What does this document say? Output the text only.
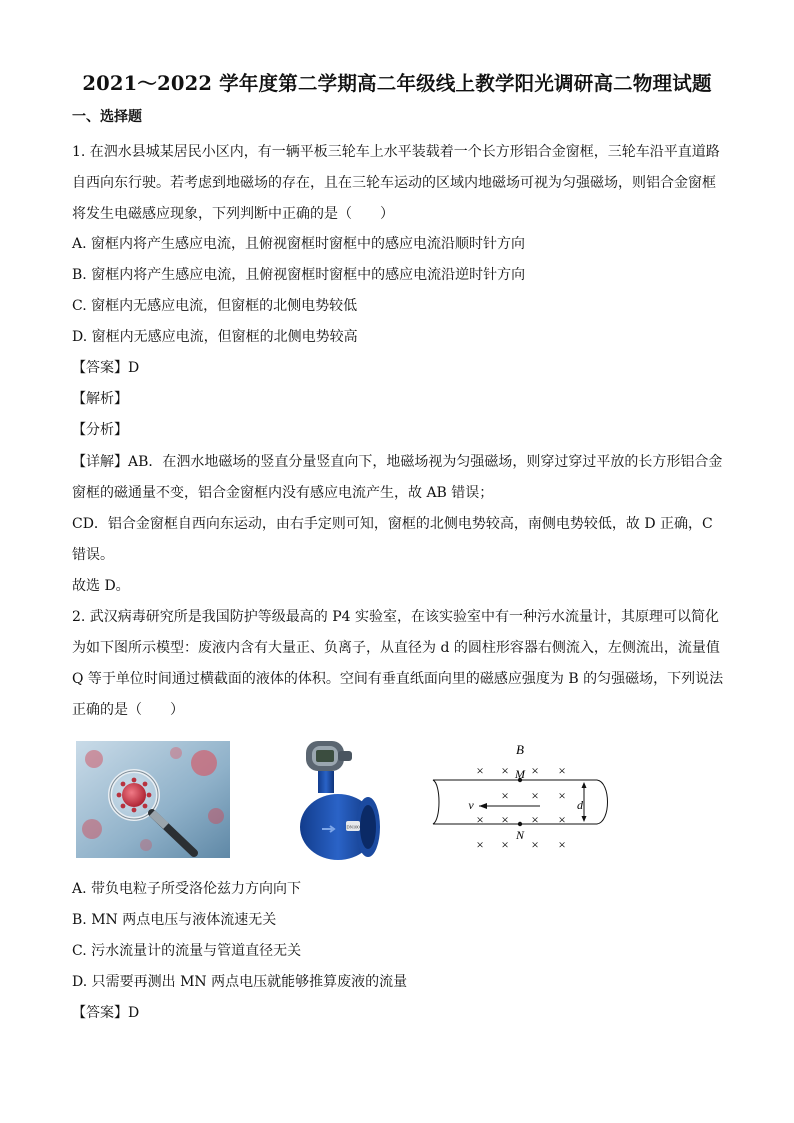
2021～2022 学年度第二学期高二年级线上教学阳光调研高二物理试题
一、选择题
1. 在泗水县城某居民小区内，有一辆平板三轮车上水平装载着一个长方形铝合金窗框，三轮车沿平直道路
自西向东行驶。若考虑到地磁场的存在，且在三轮车运动的区域内地磁场可视为匀强磁场，则铝合金窗框
将发生电磁感应现象，下列判断中正确的是（　　）
A. 窗框内将产生感应电流，且俯视窗框时窗框中的感应电流沿顺时针方向
B. 窗框内将产生感应电流，且俯视窗框时窗框中的感应电流沿逆时针方向
C. 窗框内无感应电流，但窗框的北侧电势较低
D. 窗框内无感应电流，但窗框的北侧电势较高
【答案】D
【解析】
【分析】
【详解】AB．在泗水地磁场的竖直分量竖直向下，地磁场视为匀强磁场，则穿过穿过平放的长方形铝合金
窗框的磁通量不变，铝合金窗框内没有感应电流产生，故 AB 错误；
CD．铝合金窗框自西向东运动，由右手定则可知，窗框的北侧电势较高，南侧电势较低，故 D 正确，C
错误。
故选 D。
2. 武汉病毒研究所是我国防护等级最高的 P4 实验室，在该实验室中有一种污水流量计，其原理可以简化
为如下图所示模型：废液内含有大量正、负离子，从直径为 d 的圆柱形容器右侧流入，左侧流出，流量值
Q 等于单位时间通过横截面的液体的体积。空间有垂直纸面向里的磁感应强度为 B 的匀强磁场，下列说法
正确的是（　　）
DN100
B
× × × ×
× × ×
× × × ×
× × × ×
M
N
v	d
A. 带负电粒子所受洛伦兹力方向向下
B. MN 两点电压与液体流速无关
C. 污水流量计的流量与管道直径无关
D. 只需要再测出 MN 两点电压就能够推算废液的流量
【答案】D
